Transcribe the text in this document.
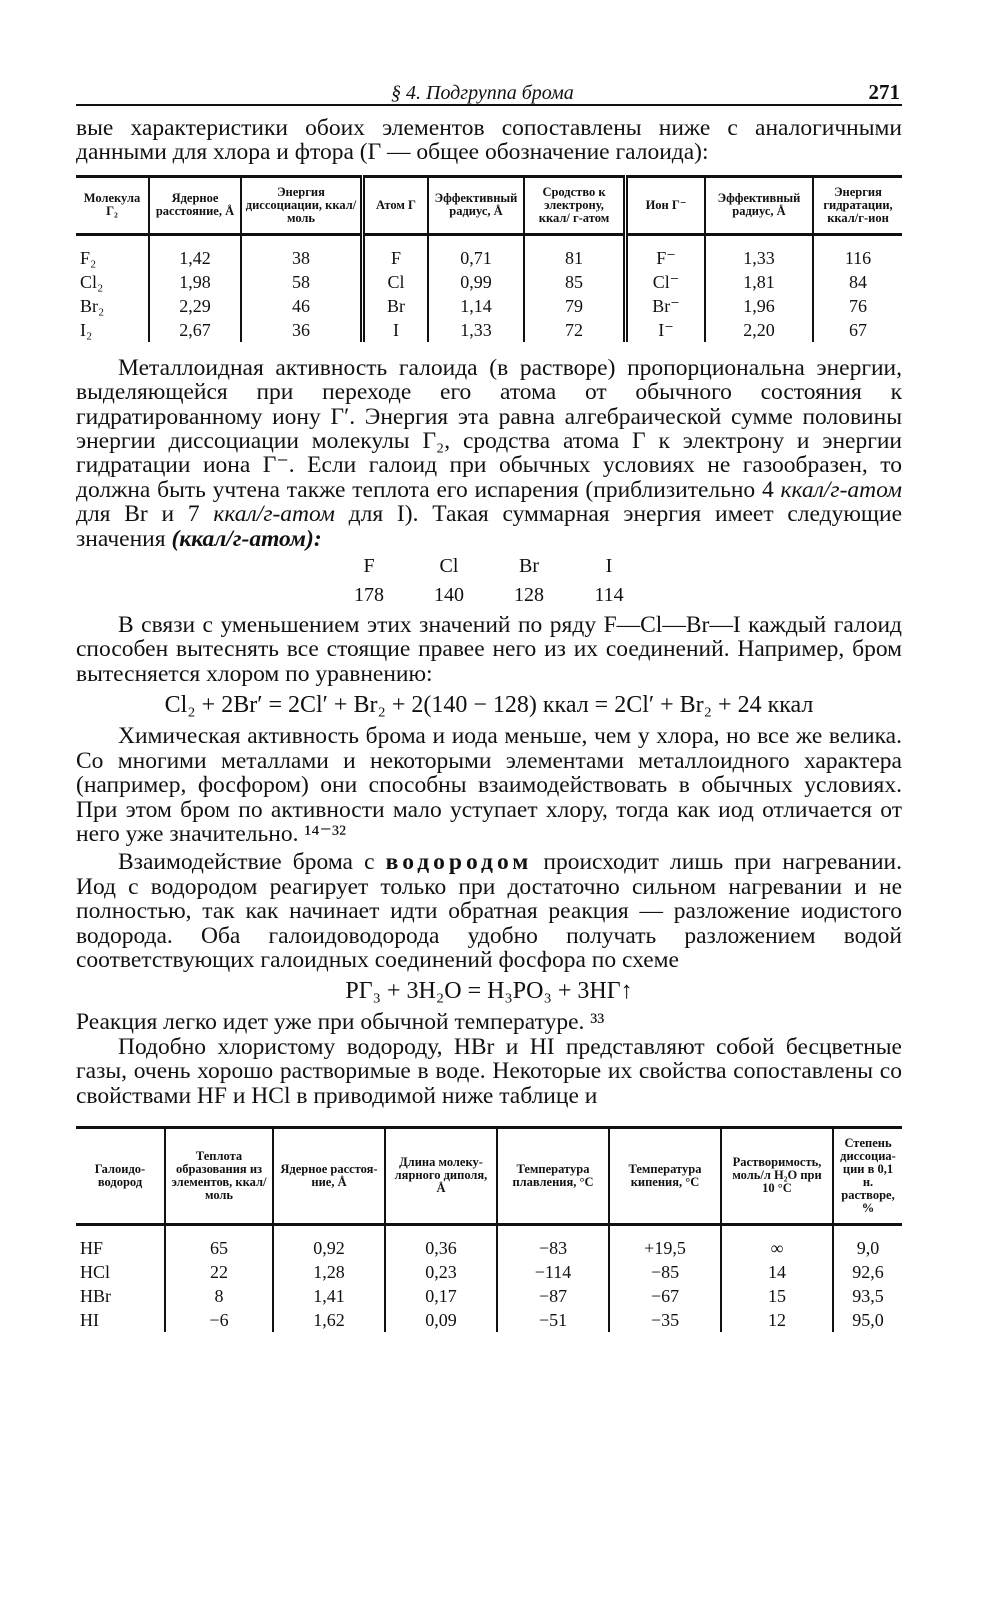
§ 4. Подгруппа брома	271

вые характеристики обоих элементов сопоставлены ниже с аналогичными данными для хлора и фтора (Г — общее обозначение галоида):

Молекула Г₂	Ядерное расстояние, Å	Энергия диссоциации, ккал/моль	Атом Г	Эффективный радиус, Å	Сродство к электрону, ккал/ г-атом	Ион Г⁻	Эффективный радиус, Å	Энергия гидратации, ккал/г-ион
F₂	1,42	38	F	0,71	81	F⁻	1,33	116
Cl₂	1,98	58	Cl	0,99	85	Cl⁻	1,81	84
Br₂	2,29	46	Br	1,14	79	Br⁻	1,96	76
I₂	2,67	36	I	1,33	72	I⁻	2,20	67

Металлоидная активность галоида (в растворе) пропорциональна энергии, выделяющейся при переходе его атома от обычного состояния к гидратированному иону Г′. Энергия эта равна алгебраической сумме половины энергии диссоциации молекулы Г₂, сродства атома Г к электрону и энергии гидратации иона Г⁻. Если галоид при обычных условиях не газообразен, то должна быть учтена также теплота его испарения (приблизительно 4 ккал/г-атом для Br и 7 ккал/г-атом для I). Такая суммарная энергия имеет следующие значения (ккал/г-атом):

F	Cl	Br	I
178	140	128	114

В связи с уменьшением этих значений по ряду F—Cl—Br—I каждый галоид способен вытеснять все стоящие правее него из их соединений. Например, бром вытесняется хлором по уравнению:

Cl₂ + 2Br′ = 2Cl′ + Br₂ + 2(140 − 128) ккал = 2Cl′ + Br₂ + 24 ккал

Химическая активность брома и иода меньше, чем у хлора, но все же велика. Со многими металлами и некоторыми элементами металлоидного характера (например, фосфором) они способны взаимодействовать в обычных условиях. При этом бром по активности мало уступает хлору, тогда как иод отличается от него уже значительно. ¹⁴⁻³²

Взаимодействие брома с водородом происходит лишь при нагревании. Иод с водородом реагирует только при достаточно сильном нагревании и не полностью, так как начинает идти обратная реакция — разложение иодистого водорода. Оба галоидоводорода удобно получать разложением водой соответствующих галоидных соединений фосфора по схеме

PГ₃ + 3H₂O = H₃PO₃ + 3HГ↑

Реакция легко идет уже при обычной температуре. ³³

Подобно хлористому водороду, HBr и HI представляют собой бесцветные газы, очень хорошо растворимые в воде. Некоторые их свойства сопоставлены со свойствами HF и HCl в приводимой ниже таблице и

Галоидоводород	Теплота образования из элементов, ккал/моль	Ядерное расстояние, Å	Длина молекулярного диполя, Å	Температура плавления, °C	Температура кипения, °C	Растворимость, моль/л H₂O при 10 °C	Степень диссоциации в 0,1 н. растворе, %
HF	65	0,92	0,36	−83	+19,5	∞	9,0
HCl	22	1,28	0,23	−114	−85	14	92,6
HBr	8	1,41	0,17	−87	−67	15	93,5
HI	−6	1,62	0,09	−51	−35	12	95,0
